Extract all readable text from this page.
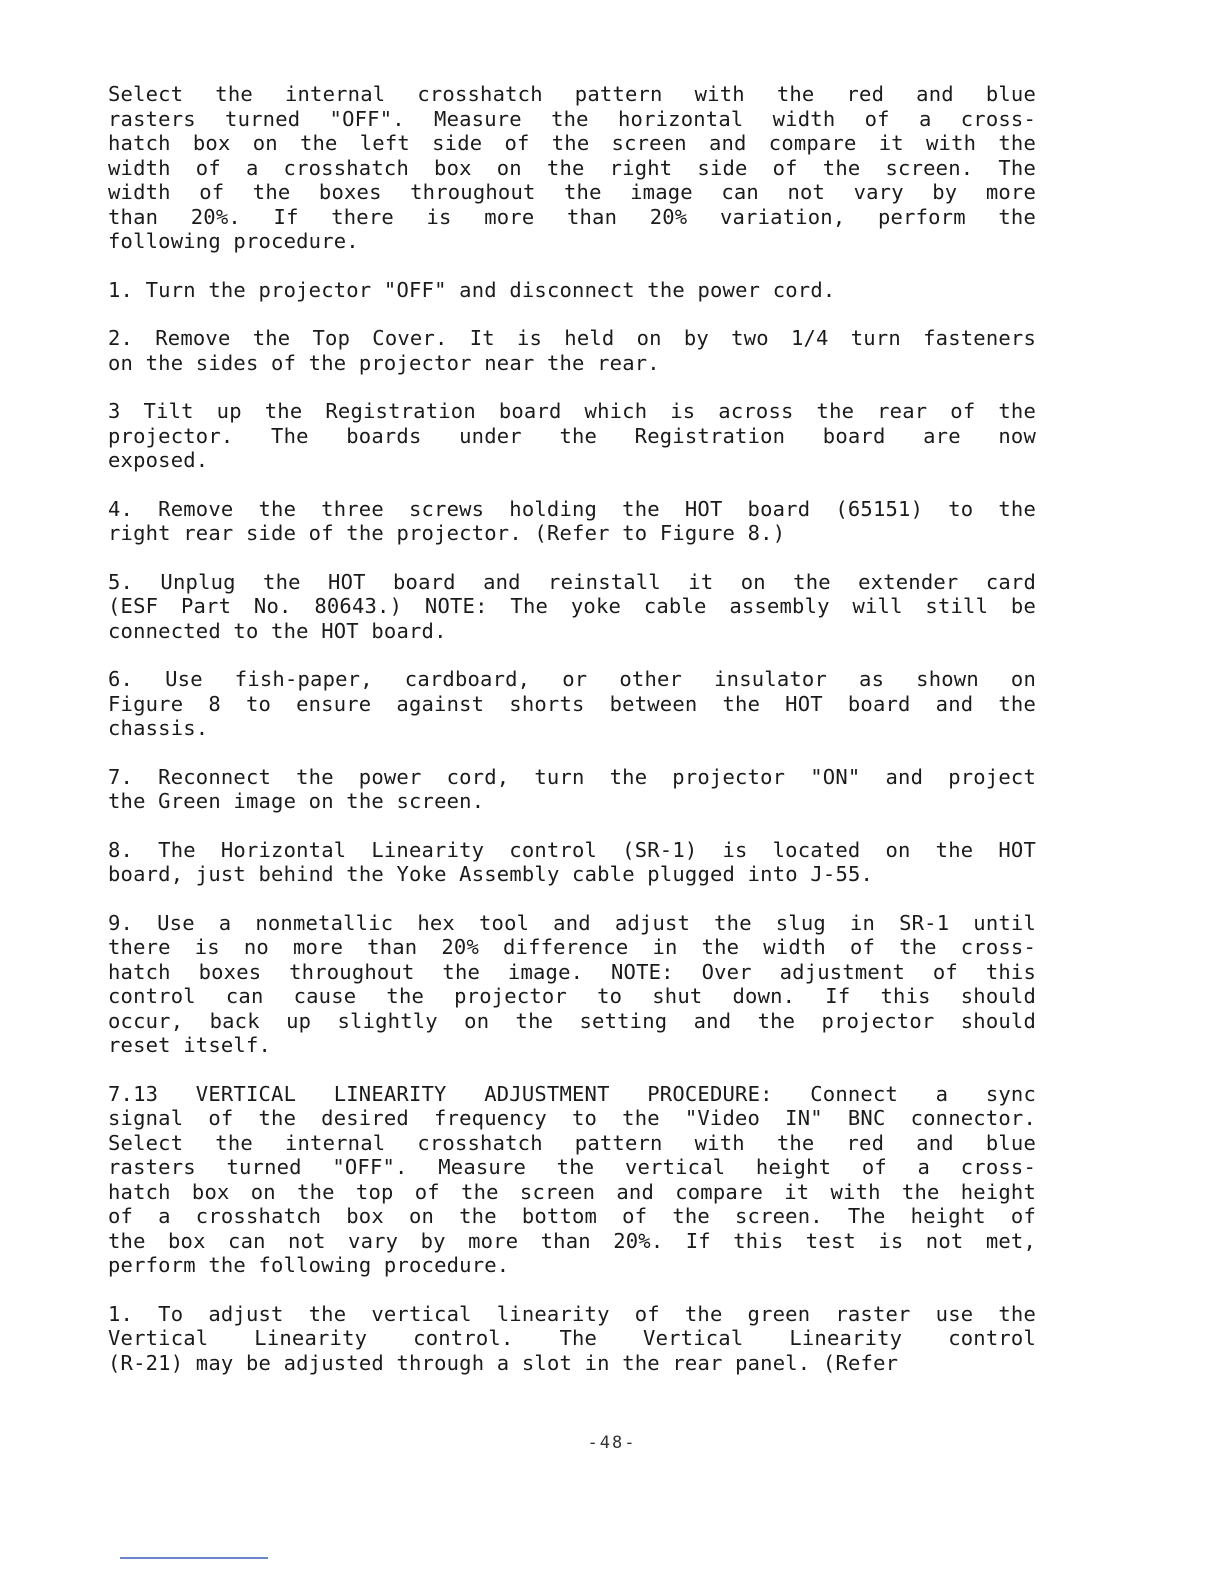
Select the internal crosshatch pattern with the red and blue
rasters turned "OFF". Measure the horizontal width of a cross-
hatch box on the left side of the screen and compare it with the
width of a crosshatch box on the right side of the screen. The
width of the boxes throughout the image can not vary by more
than 20%. If there is more than 20% variation, perform the
following procedure.
1. Turn the projector "OFF" and disconnect the power cord.
2. Remove the Top Cover. It is held on by two 1/4 turn fasteners
on the sides of the projector near the rear.
3 Tilt up the Registration board which is across the rear of the
projector. The boards under the Registration board are now
exposed.
4. Remove the three screws holding the HOT board (65151) to the
right rear side of the projector. (Refer to Figure 8.)
5. Unplug the HOT board and reinstall it on the extender card
(ESF Part No. 80643.) NOTE: The yoke cable assembly will still be
connected to the HOT board.
6. Use fish-paper, cardboard, or other insulator as shown on
Figure 8 to ensure against shorts between the HOT board and the
chassis.
7. Reconnect the power cord, turn the projector "ON" and project
the Green image on the screen.
8. The Horizontal Linearity control (SR-1) is located on the HOT
board, just behind the Yoke Assembly cable plugged into J-55.
9. Use a nonmetallic hex tool and adjust the slug in SR-1 until
there is no more than 20% difference in the width of the cross-
hatch boxes throughout the image. NOTE: Over adjustment of this
control can cause the projector to shut down. If this should
occur, back up slightly on the setting and the projector should
reset itself.
7.13 VERTICAL LINEARITY ADJUSTMENT PROCEDURE: Connect a sync
signal of the desired frequency to the "Video IN" BNC connector.
Select the internal crosshatch pattern with the red and blue
rasters turned "OFF". Measure the vertical height of a cross-
hatch box on the top of the screen and compare it with the height
of a crosshatch box on the bottom of the screen. The height of
the box can not vary by more than 20%. If this test is not met,
perform the following procedure.
1. To adjust the vertical linearity of the green raster use the
Vertical Linearity control. The Vertical Linearity control
(R-21) may be adjusted through a slot in the rear panel. (Refer
-48-
